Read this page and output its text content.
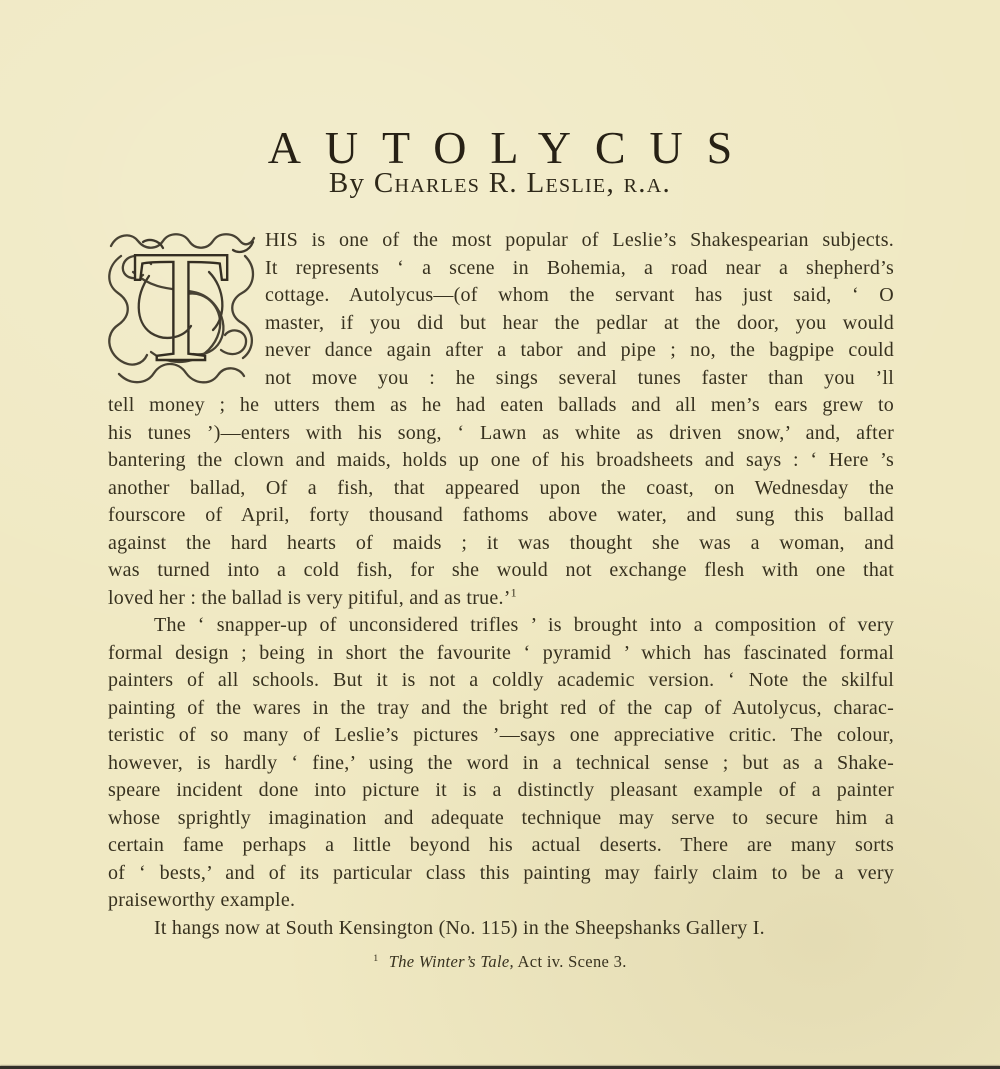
AUTOLYCUS
By Charles R. Leslie, r.a.
T HIS is one of the most popular of Leslie’s Shakespearian subjects.
It represents ‘ a scene in Bohemia, a road near a shepherd’s
cottage. Autolycus—(of whom the servant has just said, ‘ O
master, if you did but hear the pedlar at the door, you would
never dance again after a tabor and pipe ; no, the bagpipe could
not move you : he sings several tunes faster than you ’ll
tell money ; he utters them as he had eaten ballads and all men’s ears grew to
his tunes ’)—enters with his song, ‘ Lawn as white as driven snow,’ and, after
bantering the clown and maids, holds up one of his broadsheets and says : ‘ Here ’s
another ballad, Of a fish, that appeared upon the coast, on Wednesday the
fourscore of April, forty thousand fathoms above water, and sung this ballad
against the hard hearts of maids ; it was thought she was a woman, and
was turned into a cold fish, for she would not exchange flesh with one that
loved her : the ballad is very pitiful, and as true.’$^1$
The ‘ snapper-up of unconsidered trifles ’ is brought into a composition of very
formal design ; being in short the favourite ‘ pyramid ’ which has fascinated formal
painters of all schools. But it is not a coldly academic version. ‘ Note the skilful
painting of the wares in the tray and the bright red of the cap of Autolycus, charac-
teristic of so many of Leslie’s pictures ’—says one appreciative critic. The colour,
however, is hardly ‘ fine,’ using the word in a technical sense ; but as a Shake-
speare incident done into picture it is a distinctly pleasant example of a painter
whose sprightly imagination and adequate technique may serve to secure him a
certain fame perhaps a little beyond his actual deserts. There are many sorts
of ‘ bests,’ and of its particular class this painting may fairly claim to be a very
praiseworthy example.
It hangs now at South Kensington (No. 115) in the Sheepshanks Gallery I.
$^1$ The Winter’s Tale, Act iv. Scene 3.
